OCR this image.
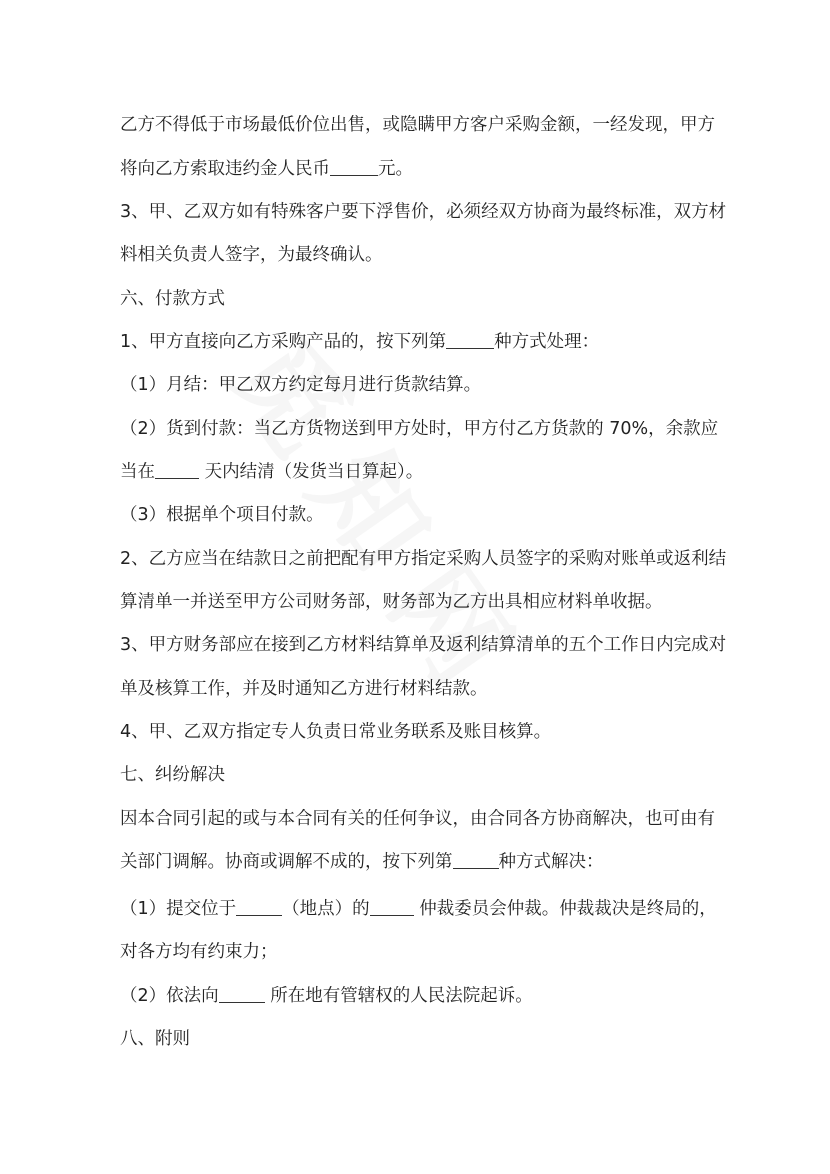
乙方不得低于市场最低价位出售，或隐瞒甲方客户采购金额，一经发现，甲方
将向乙方索取违约金人民币	元。
3、甲、乙双方如有特殊客户要下浮售价，必须经双方协商为最终标准，双方材
料相关负责人签字，为最终确认。
六、付款方式
1、甲方直接向乙方采购产品的，按下列第	种方式处理：
（1）月结：甲乙双方约定每月进行货款结算。
（2）货到付款：当乙方货物送到甲方处时，甲方付乙方货款的 70%，余款应
当在	天内结清（发货当日算起）。
（3）根据单个项目付款。
2、乙方应当在结款日之前把配有甲方指定采购人员签字的采购对账单或返利结
算清单一并送至甲方公司财务部，财务部为乙方出具相应材料单收据。
3、甲方财务部应在接到乙方材料结算单及返利结算清单的五个工作日内完成对
单及核算工作，并及时通知乙方进行材料结款。
4、甲、乙双方指定专人负责日常业务联系及账目核算。
七、纠纷解决
因本合同引起的或与本合同有关的任何争议，由合同各方协商解决，也可由有
关部门调解。协商或调解不成的，按下列第	种方式解决：
（1）提交位于	（地点）的	仲裁委员会仲裁。仲裁裁决是终局的，
对各方均有约束力；
（2）依法向	所在地有管辖权的人民法院起诉。
八、附则
